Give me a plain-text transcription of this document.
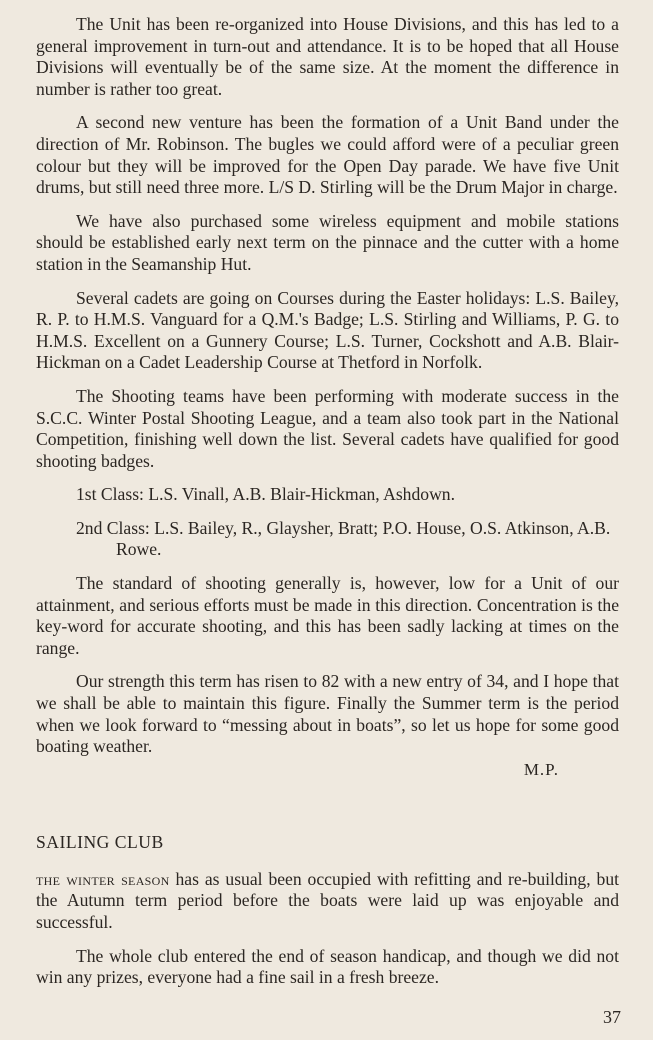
The Unit has been re-organized into House Divisions, and this has led to a general improvement in turn-out and attendance. It is to be hoped that all House Divisions will eventually be of the same size. At the moment the difference in number is rather too great.

A second new venture has been the formation of a Unit Band under the direction of Mr. Robinson. The bugles we could afford were of a peculiar green colour but they will be improved for the Open Day parade. We have five Unit drums, but still need three more. L/S D. Stirling will be the Drum Major in charge.

We have also purchased some wireless equipment and mobile stations should be established early next term on the pinnace and the cutter with a home station in the Seamanship Hut.

Several cadets are going on Courses during the Easter holidays: L.S. Bailey, R. P. to H.M.S. Vanguard for a Q.M.'s Badge; L.S. Stirling and Williams, P. G. to H.M.S. Excellent on a Gunnery Course; L.S. Turner, Cockshott and A.B. Blair-Hickman on a Cadet Leadership Course at Thetford in Norfolk.

The Shooting teams have been performing with moderate success in the S.C.C. Winter Postal Shooting League, and a team also took part in the National Competition, finishing well down the list. Several cadets have qualified for good shooting badges.

1st Class: L.S. Vinall, A.B. Blair-Hickman, Ashdown.

2nd Class: L.S. Bailey, R., Glaysher, Bratt; P.O. House, O.S. Atkinson, A.B. Rowe.

The standard of shooting generally is, however, low for a Unit of our attainment, and serious efforts must be made in this direction. Concentration is the key-word for accurate shooting, and this has been sadly lacking at times on the range.

Our strength this term has risen to 82 with a new entry of 34, and I hope that we shall be able to maintain this figure. Finally the Summer term is the period when we look forward to “messing about in boats”, so let us hope for some good boating weather.

M.P.
SAILING CLUB

the winter season has as usual been occupied with refitting and re-building, but the Autumn term period before the boats were laid up was enjoyable and successful.

The whole club entered the end of season handicap, and though we did not win any prizes, everyone had a fine sail in a fresh breeze.

37
